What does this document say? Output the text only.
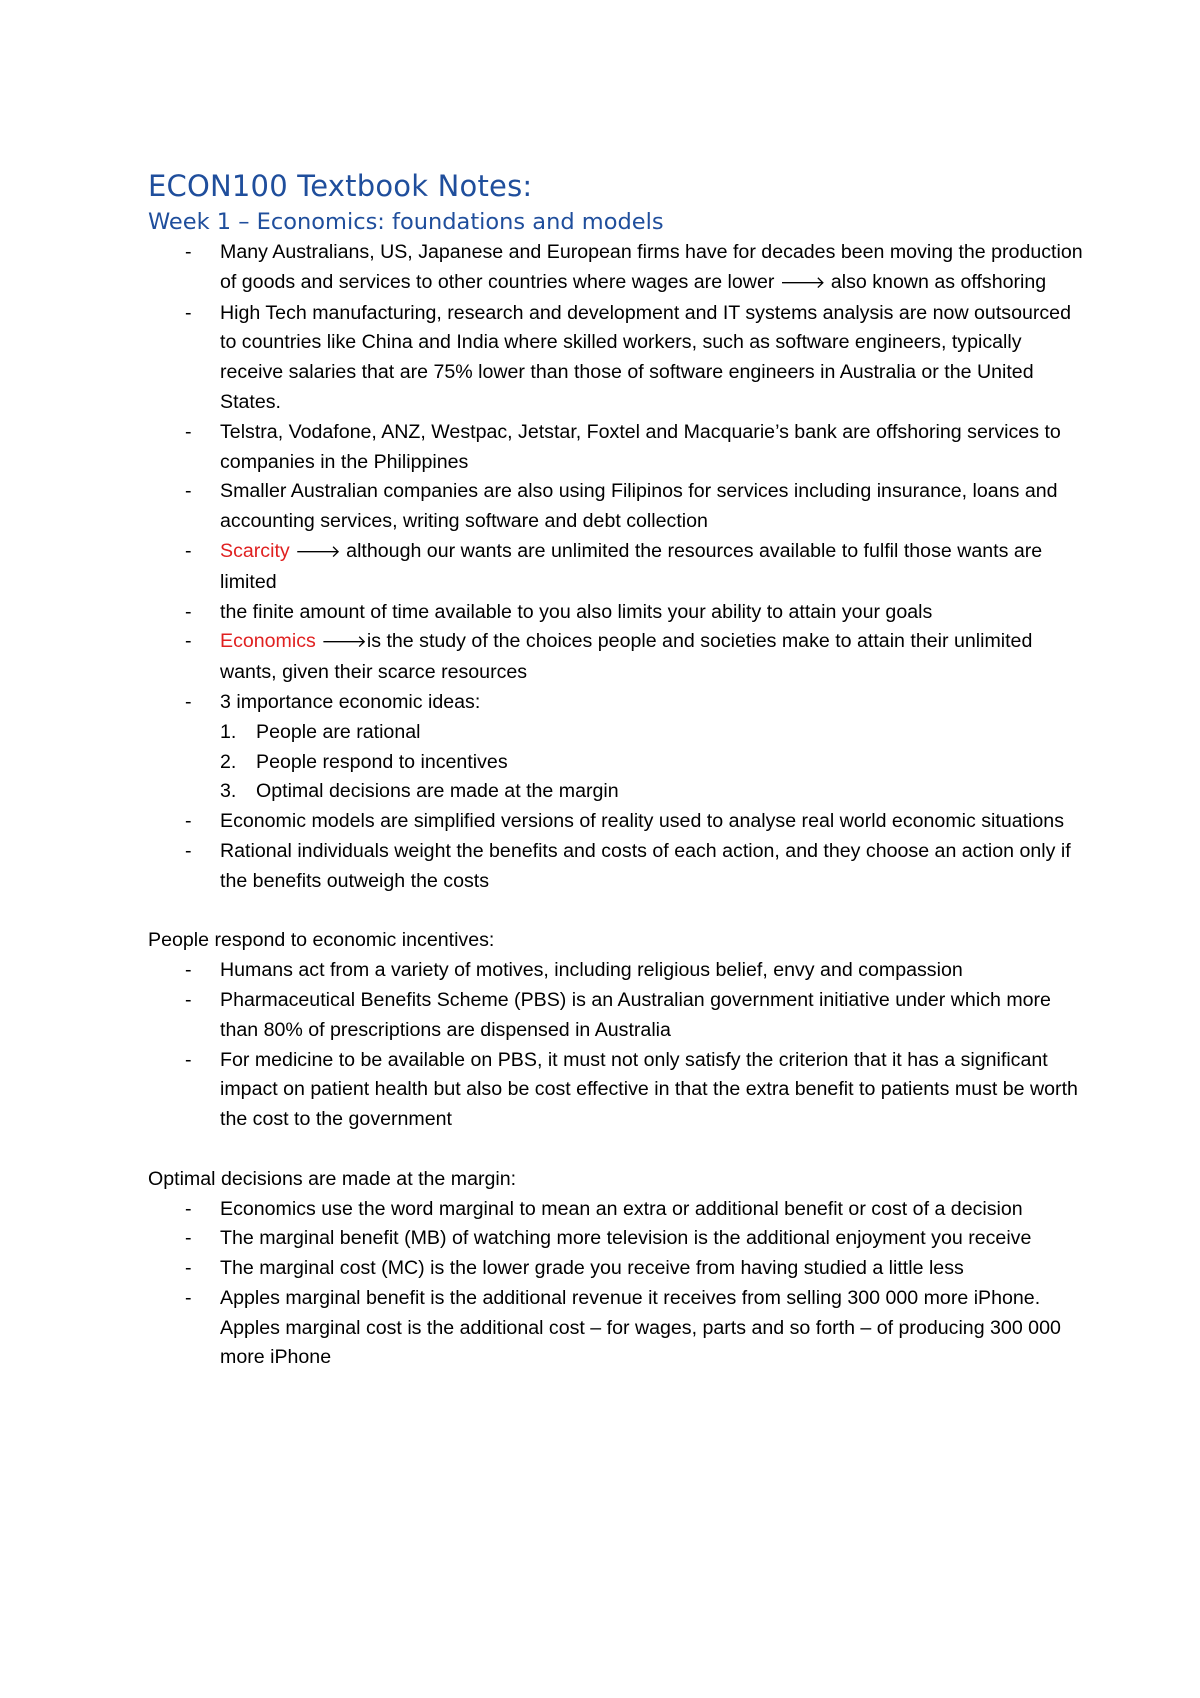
ECON100 Textbook Notes:
Week 1 – Economics: foundations and models
- Many Australians, US, Japanese and European firms have for decades been moving the production of goods and services to other countries where wages are lower 🡒 also known as offshoring
- High Tech manufacturing, research and development and IT systems analysis are now outsourced to countries like China and India where skilled workers, such as software engineers, typically receive salaries that are 75% lower than those of software engineers in Australia or the United States.
- Telstra, Vodafone, ANZ, Westpac, Jetstar, Foxtel and Macquarie’s bank are offshoring services to companies in the Philippines
- Smaller Australian companies are also using Filipinos for services including insurance, loans and accounting services, writing software and debt collection
- Scarcity 🡒 although our wants are unlimited the resources available to fulfil those wants are limited
- the finite amount of time available to you also limits your ability to attain your goals
- Economics 🡒is the study of the choices people and societies make to attain their unlimited wants, given their scarce resources
- 3 importance economic ideas:
1. People are rational
2. People respond to incentives
3. Optimal decisions are made at the margin
- Economic models are simplified versions of reality used to analyse real world economic situations
- Rational individuals weight the benefits and costs of each action, and they choose an action only if the benefits outweigh the costs

People respond to economic incentives:

- Humans act from a variety of motives, including religious belief, envy and compassion
- Pharmaceutical Benefits Scheme (PBS) is an Australian government initiative under which more than 80% of prescriptions are dispensed in Australia
- For medicine to be available on PBS, it must not only satisfy the criterion that it has a significant impact on patient health but also be cost effective in that the extra benefit to patients must be worth the cost to the government

Optimal decisions are made at the margin:

- Economics use the word marginal to mean an extra or additional benefit or cost of a decision
- The marginal benefit (MB) of watching more television is the additional enjoyment you receive
- The marginal cost (MC) is the lower grade you receive from having studied a little less
- Apples marginal benefit is the additional revenue it receives from selling 300 000 more iPhone. Apples marginal cost is the additional cost – for wages, parts and so forth – of producing 300 000 more iPhone
